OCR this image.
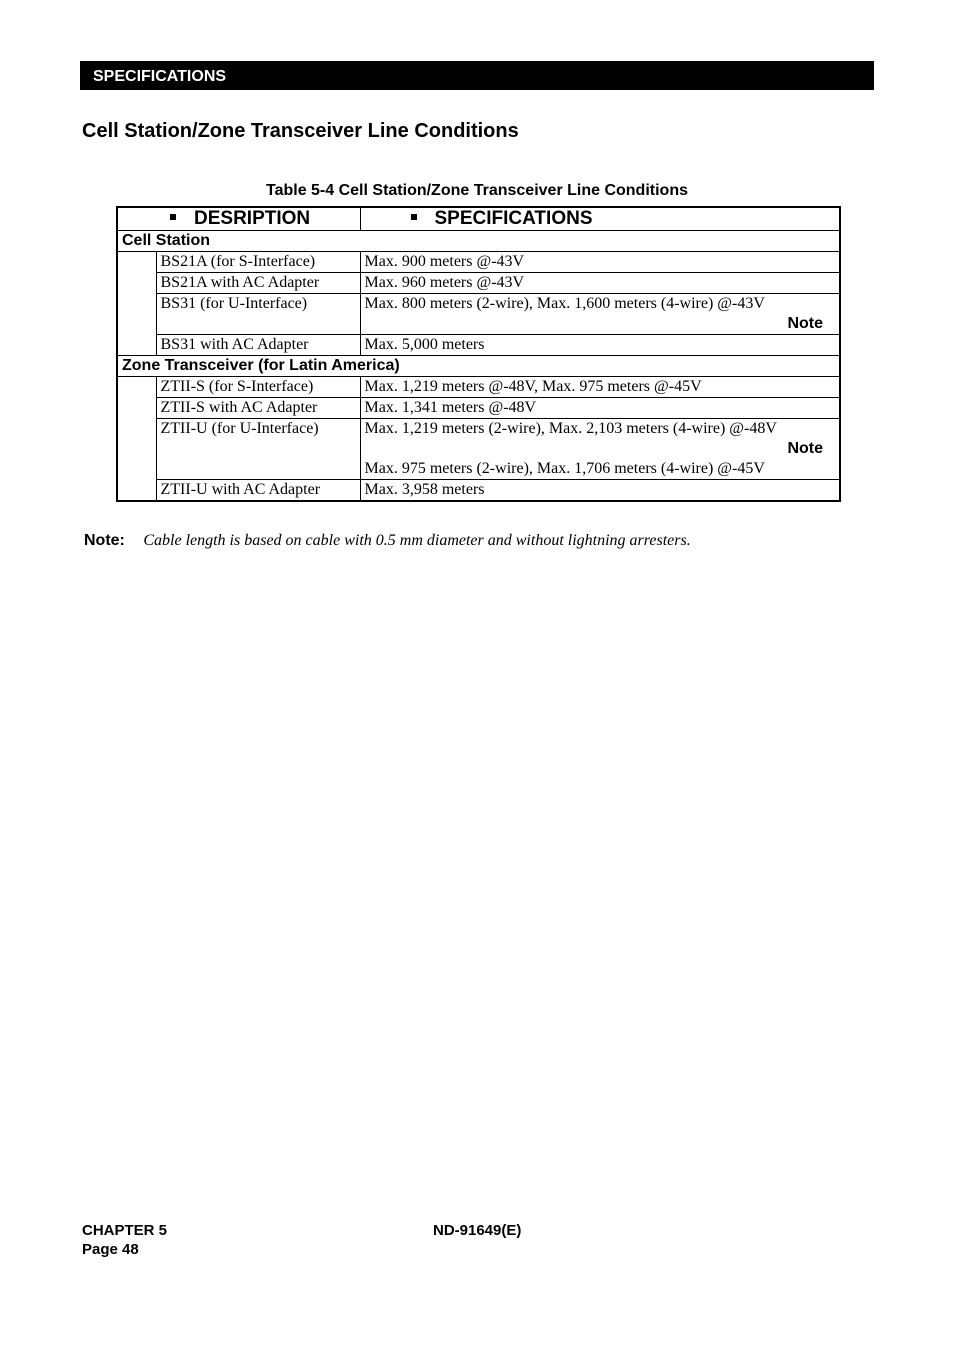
SPECIFICATIONS
Cell Station/Zone Transceiver Line Conditions
Table 5-4 Cell Station/Zone Transceiver Line Conditions
DESRIPTION		SPECIFICATIONS
Cell Station		
	BS21A (for S-Interface)	Max. 900 meters @-43V
	BS21A with AC Adapter	Max. 960 meters @-43V
	BS31 (for U-Interface)	Max. 800 meters (2-wire), Max. 1,600 meters (4-wire) @-43V
Note

	BS31 with AC Adapter	Max. 5,000 meters
Zone Transceiver (for Latin America)		
	ZTII-S (for S-Interface)	Max. 1,219 meters @-48V, Max. 975 meters @-45V
	ZTII-S with AC Adapter	Max. 1,341 meters @-48V
	ZTII-U (for U-Interface)	Max. 1,219 meters (2-wire), Max. 2,103 meters (4-wire) @-48V
Note
Max. 975 meters (2-wire), Max. 1,706 meters (4-wire) @-45V
	ZTII-U with AC Adapter	Max. 3,958 meters
Note: Cable length is based on cable with 0.5 mm diameter and without lightning arresters.
CHAPTER 5
Page 48
ND-91649(E)
